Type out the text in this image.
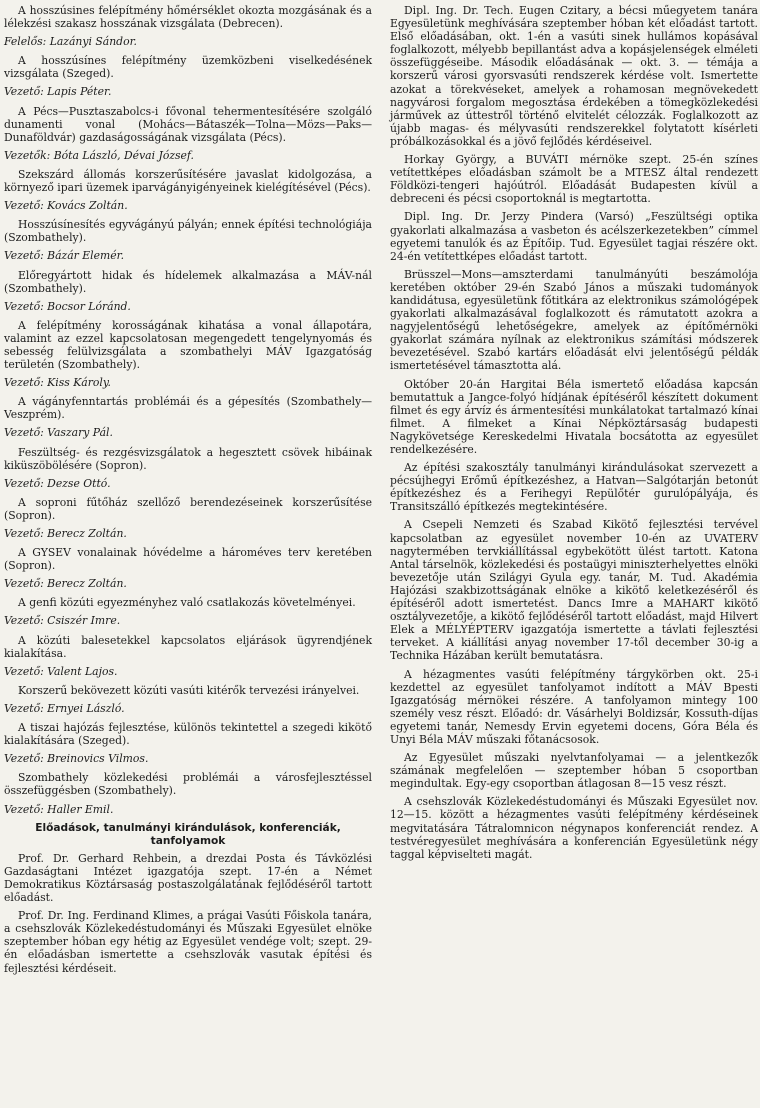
A hosszúsines felépítmény hőmérséklet okozta mozgásának és a lélekzési szakasz hosszának vizsgálata (Debrecen).

Felelős: Lazányi Sándor.

A hosszúsínes felépítmény üzemközbeni viselkedésének vizsgálata (Szeged).

Vezető: Lapis Péter.

A Pécs—Pusztaszabolcs-i fővonal tehermentesítésére szolgáló dunamenti vonal (Mohács—Bátaszék—Tolna—Mözs—Paks—Dunaföldvár) gazdaságosságának vizsgálata (Pécs).

Vezetők: Bóta László, Dévai József.

Szekszárd állomás korszerűsítésére javaslat kidolgozása, a környező ipari üzemek iparvágányigényeinek kielégítésével (Pécs).

Vezető: Kovács Zoltán.

Hosszúsínesítés egyvágányú pályán; ennek építési technológiája (Szombathely).

Vezető: Bázár Elemér.

Előregyártott hidak és hídelemek alkalmazása a MÁV-nál (Szombathely).

Vezető: Bocsor Lóránd.

A felépítmény korosságának kihatása a vonal állapotára, valamint az ezzel kapcsolatosan megengedett tengelynyomás és sebesség felülvizsgálata a szombathelyi MÁV Igazgatóság területén (Szombathely).

Vezető: Kiss Károly.

A vágányfenntartás problémái és a gépesítés (Szombathely—Veszprém).

Vezető: Vaszary Pál.

Feszültség- és rezgésvizsgálatok a hegesztett csövek hibáinak kiküszöbölésére (Sopron).

Vezető: Dezse Ottó.

A soproni fűtőház szellőző berendezéseinek korszerűsítése (Sopron).

Vezető: Berecz Zoltán.

A GYSEV vonalainak hóvédelme a hároméves terv keretében (Sopron).

Vezető: Berecz Zoltán.

A genfi közúti egyezményhez való csatlakozás követelményei.

Vezető: Csiszér Imre.

A közúti balesetekkel kapcsolatos eljárások ügyrendjének kialakítása.

Vezető: Valent Lajos.

Korszerű bekövezett közúti vasúti kitérők tervezési irányelvei.

Vezető: Ernyei László.

A tiszai hajózás fejlesztése, különös tekintettel a szegedi kikötő kialakítására (Szeged).

Vezető: Breinovics Vilmos.

Szombathely közlekedési problémái a városfejlesztéssel összefüggésben (Szombathely).

Vezető: Haller Emil.

Előadások, tanulmányi kirándulások, konferenciák, tanfolyamok

Prof. Dr. Gerhard Rehbein, a drezdai Posta és Távközlési Gazdaságtani Intézet igazgatója szept. 17-én a Német Demokratikus Köztársaság postaszolgálatának fejlődéséről tartott előadást.

Prof. Dr. Ing. Ferdinand Klimes, a prágai Vasúti Főiskola tanára, a csehszlovák Közlekedéstudományi és Műszaki Egyesület elnöke szeptember hóban egy hétig az Egyesület vendége volt; szept. 29-én előadásban ismertette a csehszlovák vasutak építési és fejlesztési kérdéseit.

Dipl. Ing. Dr. Tech. Eugen Czitary, a bécsi műegyetem tanára Egyesületünk meghívására szeptember hóban két előadást tartott. Első előadásában, okt. 1-én a vasúti sinek hullámos kopásával foglalkozott, mélyebb bepillantást adva a kopásjelenségek elméleti összefüggéseibe. Második előadásának — okt. 3. — témája a korszerű városi gyorsvasúti rendszerek kérdése volt. Ismertette azokat a törekvéseket, amelyek a rohamosan megnövekedett nagyvárosi forgalom megosztása érdekében a tömegközlekedési járművek az úttestről történő elvitelét célozzák. Foglalkozott az újabb magas- és mélyvasúti rendszerekkel folytatott kísérleti próbálkozásokkal és a jövő fejlődés kérdéseivel.

Horkay György, a BUVÁTI mérnöke szept. 25-én színes vetítettképes előadásban számolt be a MTESZ által rendezett Földközi-tengeri hajóútról. Előadását Budapesten kívül a debreceni és pécsi csoportoknál is megtartotta.

Dipl. Ing. Dr. Jerzy Pindera (Varsó) „Feszültségi optika gyakorlati alkalmazása a vasbeton és acélszerkezetekben” címmel egyetemi tanulók és az Építőip. Tud. Egyesület tagjai részére okt. 24-én vetítettképes előadást tartott.

Brüsszel—Mons—amszterdami tanulmányúti beszámolója keretében október 29-én Szabó János a műszaki tudományok kandidátusa, egyesületünk főtitkára az elektronikus számológépek gyakorlati alkalmazásával foglalkozott és rámutatott azokra a nagyjelentőségű lehetőségekre, amelyek az építőmérnöki gyakorlat számára nyílnak az elektronikus számítási módszerek bevezetésével. Szabó kartárs előadását elvi jelentőségű példák ismertetésével támasztotta alá.

Október 20-án Hargitai Béla ismertető előadása kapcsán bemutattuk a Jangce-folyó hídjának építéséről készített dokument filmet és egy árvíz és ármentesítési munkálatokat tartalmazó kínai filmet. A filmeket a Kínai Népköztársaság budapesti Nagykövetsége Kereskedelmi Hivatala bocsátotta az egyesület rendelkezésére.

Az építési szakosztály tanulmányi kirándulásokat szervezett a pécsújhegyi Erőmű építkezéshez, a Hatvan—Salgótarján betonút építkezéshez és a Ferihegyi Repülőtér gurulópályája, és Transitszálló építkezés megtekintésére.

A Csepeli Nemzeti és Szabad Kikötő fejlesztési tervével kapcsolatban az egyesület november 10-én az UVATERV nagytermében tervkiállítással egybekötött ülést tartott. Katona Antal társelnök, közlekedési és postaügyi miniszterhelyettes elnöki bevezetője után Szilágyi Gyula egy. tanár, M. Tud. Akadémia Hajózási szakbizottságának elnöke a kikötő keletkezéséről és építéséről adott ismertetést. Dancs Imre a MAHART kikötő osztályvezetője, a kikötő fejlődéséről tartott előadást, majd Hilvert Elek a MÉLYÉPTERV igazgatója ismertette a távlati fejlesztési terveket. A kiállítási anyag november 17-től december 30-ig a Technika Házában került bemutatásra.

A hézagmentes vasúti felépítmény tárgykörben okt. 25-i kezdettel az egyesület tanfolyamot indított a MÁV Bpesti Igazgatóság mérnökei részére. A tanfolyamon mintegy 100 személy vesz részt. Előadó: dr. Vásárhelyi Boldizsár, Kossuth-díjas egyetemi tanár, Nemesdy Ervin egyetemi docens, Góra Béla és Unyi Béla MÁV műszaki főtanácsosok.

Az Egyesület műszaki nyelvtanfolyamai — a jelentkezők számának megfelelően — szeptember hóban 5 csoportban megindultak. Egy-egy csoportban átlagosan 8—15 vesz részt.

A csehszlovák Közlekedéstudományi és Műszaki Egyesület nov. 12—15. között a hézagmentes vasúti felépítmény kérdéseinek megvitatására Tátralomnicon négynapos konferenciát rendez. A testvéregyesület meghívására a konferencián Egyesületünk négy taggal képviselteti magát.
